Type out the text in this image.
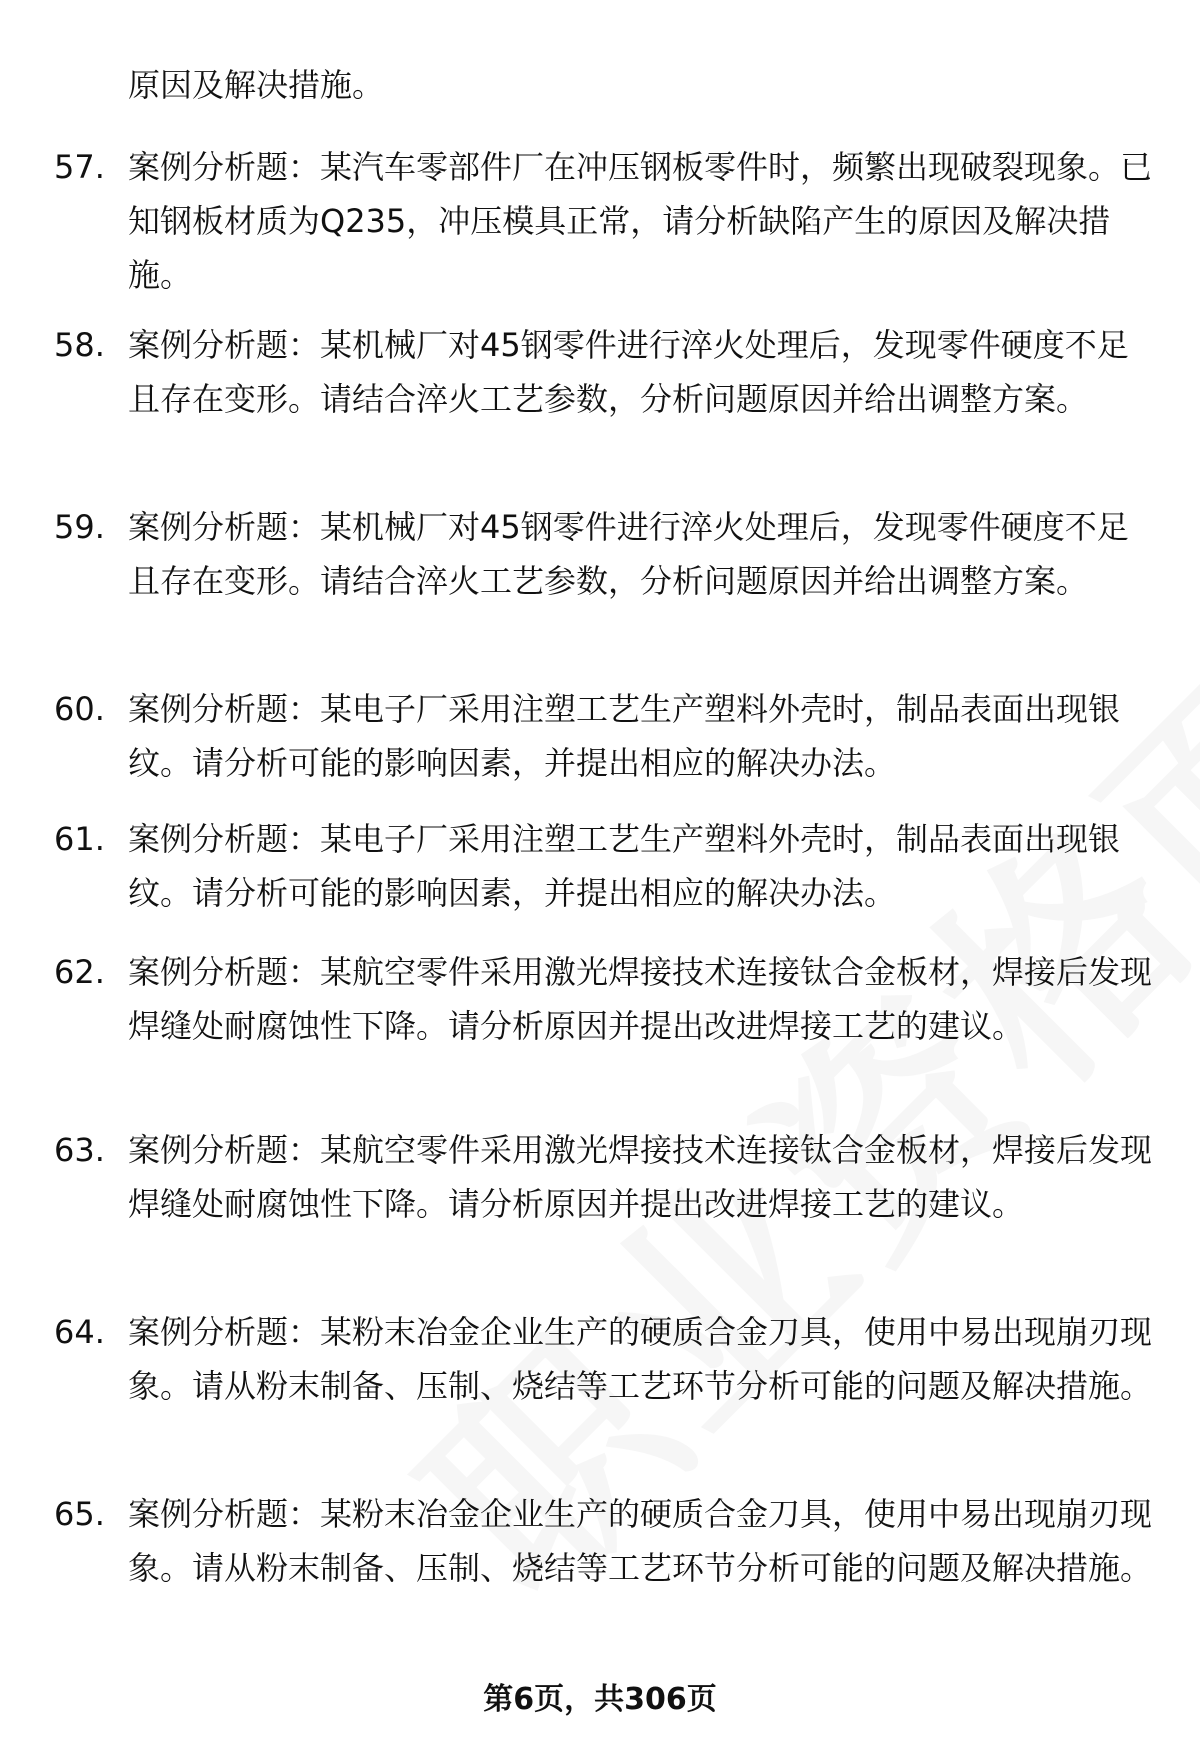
原因及解决措施。
57. 案例分析题：某汽车零部件厂在冲压钢板零件时，频繁出现破裂现象。已知钢板材质为Q235，冲压模具正常，请分析缺陷产生的原因及解决措施。
58. 案例分析题：某机械厂对45钢零件进行淬火处理后，发现零件硬度不足且存在变形。请结合淬火工艺参数，分析问题原因并给出调整方案。
59. 案例分析题：某机械厂对45钢零件进行淬火处理后，发现零件硬度不足且存在变形。请结合淬火工艺参数，分析问题原因并给出调整方案。
60. 案例分析题：某电子厂采用注塑工艺生产塑料外壳时，制品表面出现银纹。请分析可能的影响因素，并提出相应的解决办法。
61. 案例分析题：某电子厂采用注塑工艺生产塑料外壳时，制品表面出现银纹。请分析可能的影响因素，并提出相应的解决办法。
62. 案例分析题：某航空零件采用激光焊接技术连接钛合金板材，焊接后发现焊缝处耐腐蚀性下降。请分析原因并提出改进焊接工艺的建议。
63. 案例分析题：某航空零件采用激光焊接技术连接钛合金板材，焊接后发现焊缝处耐腐蚀性下降。请分析原因并提出改进焊接工艺的建议。
64. 案例分析题：某粉末冶金企业生产的硬质合金刀具，使用中易出现崩刃现象。请从粉末制备、压制、烧结等工艺环节分析可能的问题及解决措施。
65. 案例分析题：某粉末冶金企业生产的硬质合金刀具，使用中易出现崩刃现象。请从粉末制备、压制、烧结等工艺环节分析可能的问题及解决措施。
第6页，共306页
